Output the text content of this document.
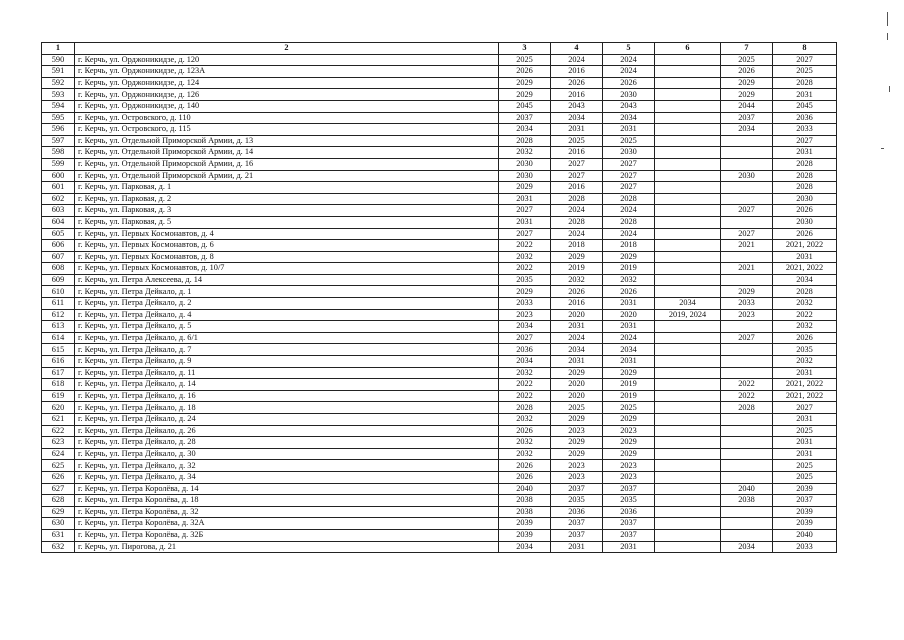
1	2	3	4	5	6	7	8
590	г. Керчь, ул. Орджоникидзе, д. 120	2025	2024	2024		2025	2027
591	г. Керчь, ул. Орджоникидзе, д. 123А	2026	2016	2024		2026	2025
592	г. Керчь, ул. Орджоникидзе, д. 124	2029	2026	2026		2029	2028
593	г. Керчь, ул. Орджоникидзе, д. 126	2029	2016	2030		2029	2031
594	г. Керчь, ул. Орджоникидзе, д. 140	2045	2043	2043		2044	2045
595	г. Керчь, ул. Островского, д. 110	2037	2034	2034		2037	2036
596	г. Керчь, ул. Островского, д. 115	2034	2031	2031		2034	2033
597	г. Керчь, ул. Отдельной Приморской Армии, д. 13	2028	2025	2025			2027
598	г. Керчь, ул. Отдельной Приморской Армии, д. 14	2032	2016	2030			2031
599	г. Керчь, ул. Отдельной Приморской Армии, д. 16	2030	2027	2027			2028
600	г. Керчь, ул. Отдельной Приморской Армии, д. 21	2030	2027	2027		2030	2028
601	г. Керчь, ул. Парковая, д. 1	2029	2016	2027			2028
602	г. Керчь, ул. Парковая, д. 2	2031	2028	2028			2030
603	г. Керчь, ул. Парковая, д. 3	2027	2024	2024		2027	2026
604	г. Керчь, ул. Парковая, д. 5	2031	2028	2028			2030
605	г. Керчь, ул. Первых Космонавтов, д. 4	2027	2024	2024		2027	2026
606	г. Керчь, ул. Первых Космонавтов, д. 6	2022	2018	2018		2021	2021, 2022
607	г. Керчь, ул. Первых Космонавтов, д. 8	2032	2029	2029			2031
608	г. Керчь, ул. Первых Космонавтов, д. 10/7	2022	2019	2019		2021	2021, 2022
609	г. Керчь, ул. Петра Алексеева, д. 14	2035	2032	2032			2034
610	г. Керчь, ул. Петра Дейкало, д. 1	2029	2026	2026		2029	2028
611	г. Керчь, ул. Петра Дейкало, д. 2	2033	2016	2031	2034	2033	2032
612	г. Керчь, ул. Петра Дейкало, д. 4	2023	2020	2020	2019, 2024	2023	2022
613	г. Керчь, ул. Петра Дейкало, д. 5	2034	2031	2031			2032
614	г. Керчь, ул. Петра Дейкало, д. 6/1	2027	2024	2024		2027	2026
615	г. Керчь, ул. Петра Дейкало, д. 7	2036	2034	2034			2035
616	г. Керчь, ул. Петра Дейкало, д. 9	2034	2031	2031			2032
617	г. Керчь, ул. Петра Дейкало, д. 11	2032	2029	2029			2031
618	г. Керчь, ул. Петра Дейкало, д. 14	2022	2020	2019		2022	2021, 2022
619	г. Керчь, ул. Петра Дейкало, д. 16	2022	2020	2019		2022	2021, 2022
620	г. Керчь, ул. Петра Дейкало, д. 18	2028	2025	2025		2028	2027
621	г. Керчь, ул. Петра Дейкало, д. 24	2032	2029	2029			2031
622	г. Керчь, ул. Петра Дейкало, д. 26	2026	2023	2023			2025
623	г. Керчь, ул. Петра Дейкало, д. 28	2032	2029	2029			2031
624	г. Керчь, ул. Петра Дейкало, д. 30	2032	2029	2029			2031
625	г. Керчь, ул. Петра Дейкало, д. 32	2026	2023	2023			2025
626	г. Керчь, ул. Петра Дейкало, д. 34	2026	2023	2023			2025
627	г. Керчь, ул. Петра Королёва, д. 14	2040	2037	2037		2040	2039
628	г. Керчь, ул. Петра Королёва, д. 18	2038	2035	2035		2038	2037
629	г. Керчь, ул. Петра Королёва, д. 32	2038	2036	2036			2039
630	г. Керчь, ул. Петра Королёва, д. 32А	2039	2037	2037			2039
631	г. Керчь, ул. Петра Королёва, д. 32Б	2039	2037	2037			2040
632	г. Керчь, ул. Пирогова, д. 21	2034	2031	2031		2034	2033
